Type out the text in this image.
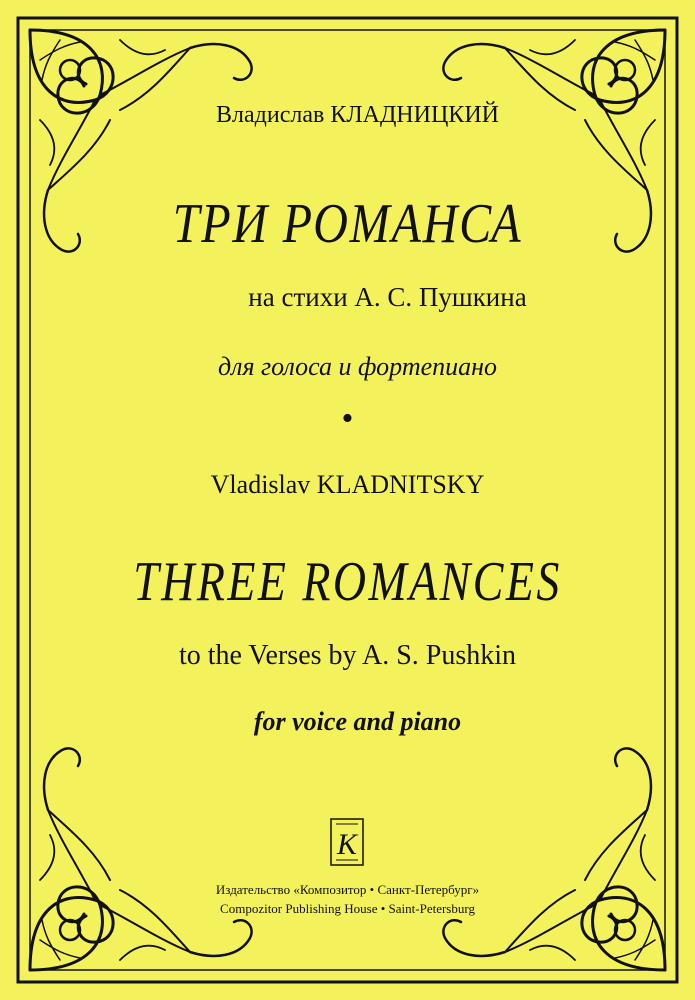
Владислав КЛАДНИЦКИЙ
ТРИ РОМАНСА
на стихи А. С. Пушкина
для голоса и фортепиано
•
Vladislav KLADNITSKY
THREE ROMANCES
to the Verses by A. S. Pushkin
for voice and piano
К
Издательство «Композитор • Санкт-Петербург»
Compozitor Publishing House • Saint-Petersburg
